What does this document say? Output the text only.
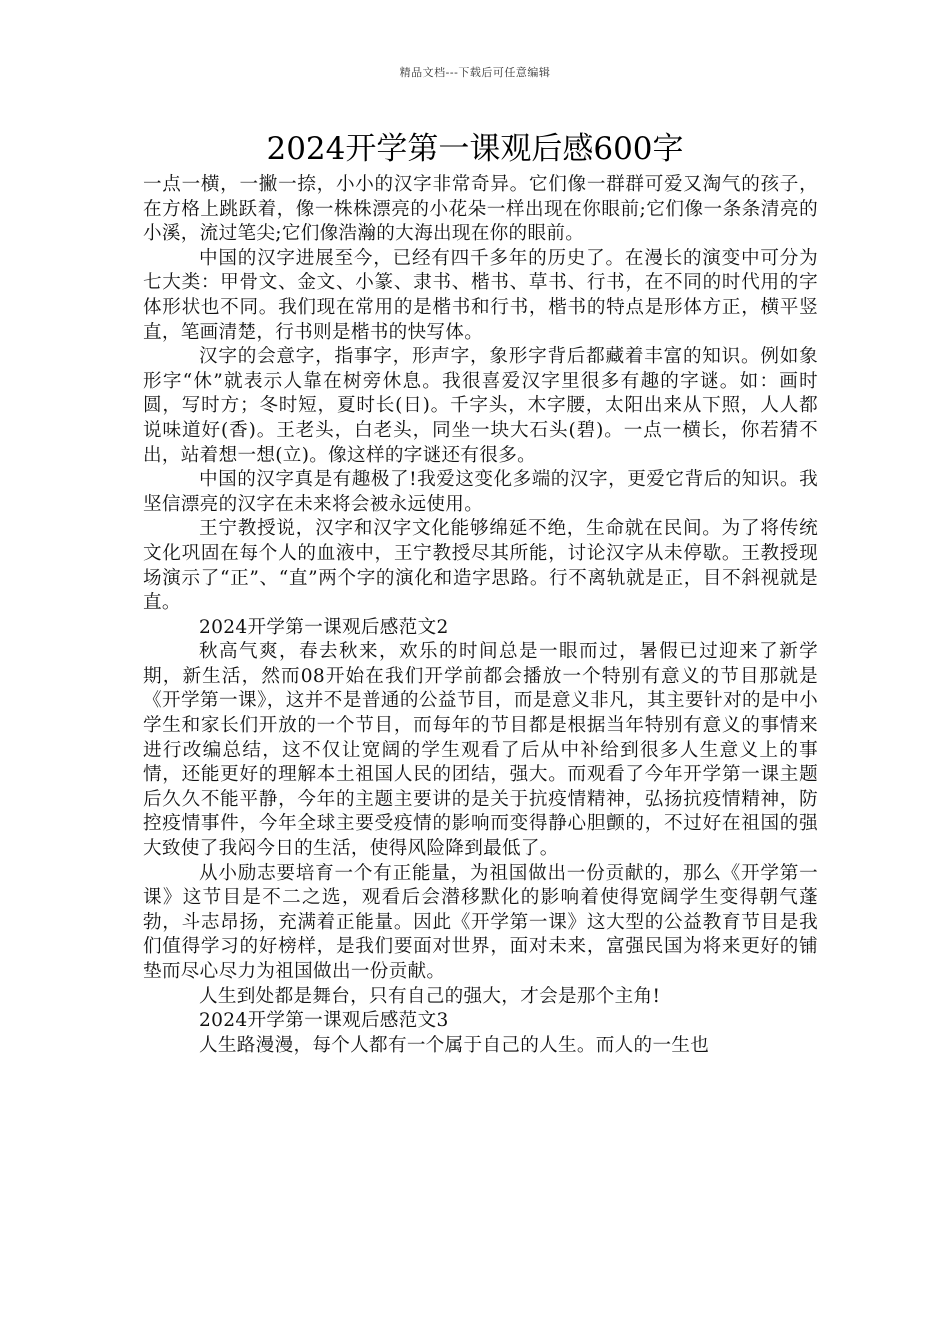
精品文档---下载后可任意编辑
2024开学第一课观后感600字

一点一横，一撇一捺，小小的汉字非常奇异。它们像一群群可爱又淘气的孩子，在方格上跳跃着，像一株株漂亮的小花朵一样出现在你眼前;它们像一条条清亮的小溪，流过笔尖;它们像浩瀚的大海出现在你的眼前。

中国的汉字进展至今，已经有四千多年的历史了。在漫长的演变中可分为七大类：甲骨文、金文、小篆、隶书、楷书、草书、行书，在不同的时代用的字体形状也不同。我们现在常用的是楷书和行书，楷书的特点是形体方正，横平竖直，笔画清楚，行书则是楷书的快写体。

汉字的会意字，指事字，形声字，象形字背后都藏着丰富的知识。例如象形字“休”就表示人靠在树旁休息。我很喜爱汉字里很多有趣的字谜。如：画时圆，写时方；冬时短，夏时长(日)。千字头，木字腰，太阳出来从下照，人人都说味道好(香)。王老头，白老头，同坐一块大石头(碧)。一点一横长，你若猜不出，站着想一想(立)。像这样的字谜还有很多。

中国的汉字真是有趣极了!我爱这变化多端的汉字，更爱它背后的知识。我坚信漂亮的汉字在未来将会被永远使用。

王宁教授说，汉字和汉字文化能够绵延不绝，生命就在民间。为了将传统文化巩固在每个人的血液中，王宁教授尽其所能，讨论汉字从未停歇。王教授现场演示了“正”、“直”两个字的演化和造字思路。行不离轨就是正，目不斜视就是直。

2024开学第一课观后感范文2

秋高气爽，春去秋来，欢乐的时间总是一眼而过，暑假已过迎来了新学期，新生活，然而08开始在我们开学前都会播放一个特别有意义的节目那就是《开学第一课》，这并不是普通的公益节目，而是意义非凡，其主要针对的是中小学生和家长们开放的一个节目，而每年的节目都是根据当年特别有意义的事情来进行改编总结，这不仅让宽阔的学生观看了后从中补给到很多人生意义上的事情，还能更好的理解本土祖国人民的团结，强大。而观看了今年开学第一课主题后久久不能平静，今年的主题主要讲的是关于抗疫情精神，弘扬抗疫情精神，防控疫情事件，今年全球主要受疫情的影响而变得静心胆颤的，不过好在祖国的强大致使了我闷今日的生活，使得风险降到最低了。

从小励志要培育一个有正能量，为祖国做出一份贡献的，那么《开学第一课》这节目是不二之选，观看后会潜移默化的影响着使得宽阔学生变得朝气蓬勃，斗志昂扬，充满着正能量。因此《开学第一课》这大型的公益教育节目是我们值得学习的好榜样，是我们要面对世界，面对未来，富强民国为将来更好的铺垫而尽心尽力为祖国做出一份贡献。

人生到处都是舞台，只有自己的强大，才会是那个主角!

2024开学第一课观后感范文3

人生路漫漫，每个人都有一个属于自己的人生。而人的一生也
